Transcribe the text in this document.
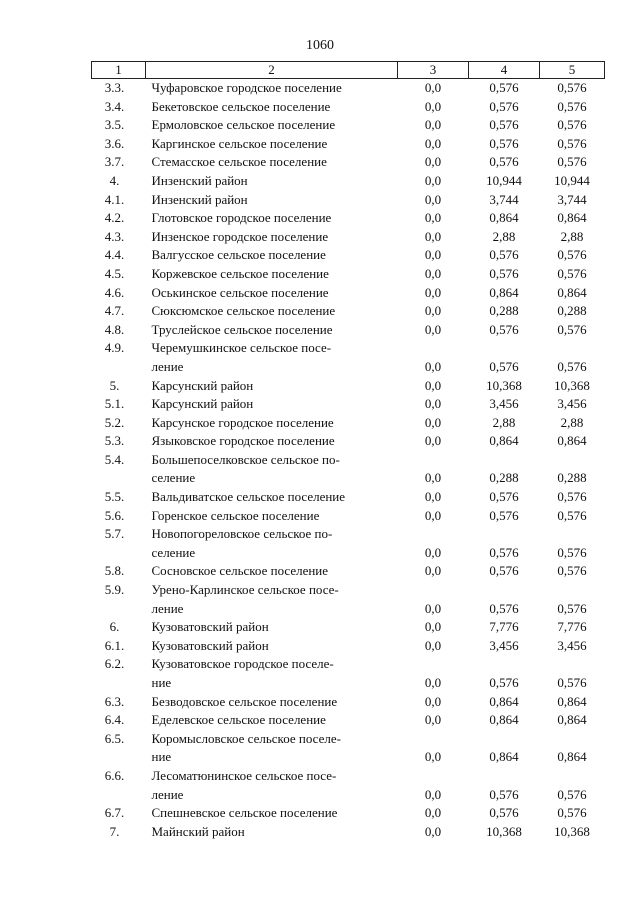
1060
1	2	3	4	5
3.3.	Чуфаровское городское поселение	0,0	0,576	0,576
3.4.	Бекетовское сельское поселение	0,0	0,576	0,576
3.5.	Ермоловское сельское поселение	0,0	0,576	0,576
3.6.	Каргинское сельское поселение	0,0	0,576	0,576
3.7.	Стемасское сельское поселение	0,0	0,576	0,576
4.	Инзенский район	0,0	10,944	10,944
4.1.	Инзенский район	0,0	3,744	3,744
4.2.	Глотовское городское поселение	0,0	0,864	0,864
4.3.	Инзенское городское поселение	0,0	2,88	2,88
4.4.	Валгусское сельское поселение	0,0	0,576	0,576
4.5.	Коржевское сельское поселение	0,0	0,576	0,576
4.6.	Оськинское сельское поселение	0,0	0,864	0,864
4.7.	Сюксюмское сельское поселение	0,0	0,288	0,288
4.8.	Труслейское сельское поселение	0,0	0,576	0,576
4.9.	Черемушкинское сельское посе-
ление	0,0	0,576	0,576
5.	Карсунский район	0,0	10,368	10,368
5.1.	Карсунский район	0,0	3,456	3,456
5.2.	Карсунское городское поселение	0,0	2,88	2,88
5.3.	Языковское городское поселение	0,0	0,864	0,864
5.4.	Большепоселковское сельское по-
селение	0,0	0,288	0,288
5.5.	Вальдиватское сельское поселение	0,0	0,576	0,576
5.6.	Горенское сельское поселение	0,0	0,576	0,576
5.7.	Новопогореловское сельское по-
селение	0,0	0,576	0,576
5.8.	Сосновское сельское поселение	0,0	0,576	0,576
5.9.	Урено-Карлинское сельское посе-
ление	0,0	0,576	0,576
6.	Кузоватовский район	0,0	7,776	7,776
6.1.	Кузоватовский район	0,0	3,456	3,456
6.2.	Кузоватовское городское поселе-
ние	0,0	0,576	0,576
6.3.	Безводовское сельское поселение	0,0	0,864	0,864
6.4.	Еделевское сельское поселение	0,0	0,864	0,864
6.5.	Коромысловское сельское поселе-
ние	0,0	0,864	0,864
6.6.	Лесоматюнинское сельское посе-
ление	0,0	0,576	0,576
6.7.	Спешневское сельское поселение	0,0	0,576	0,576
7.	Майнский район	0,0	10,368	10,368
